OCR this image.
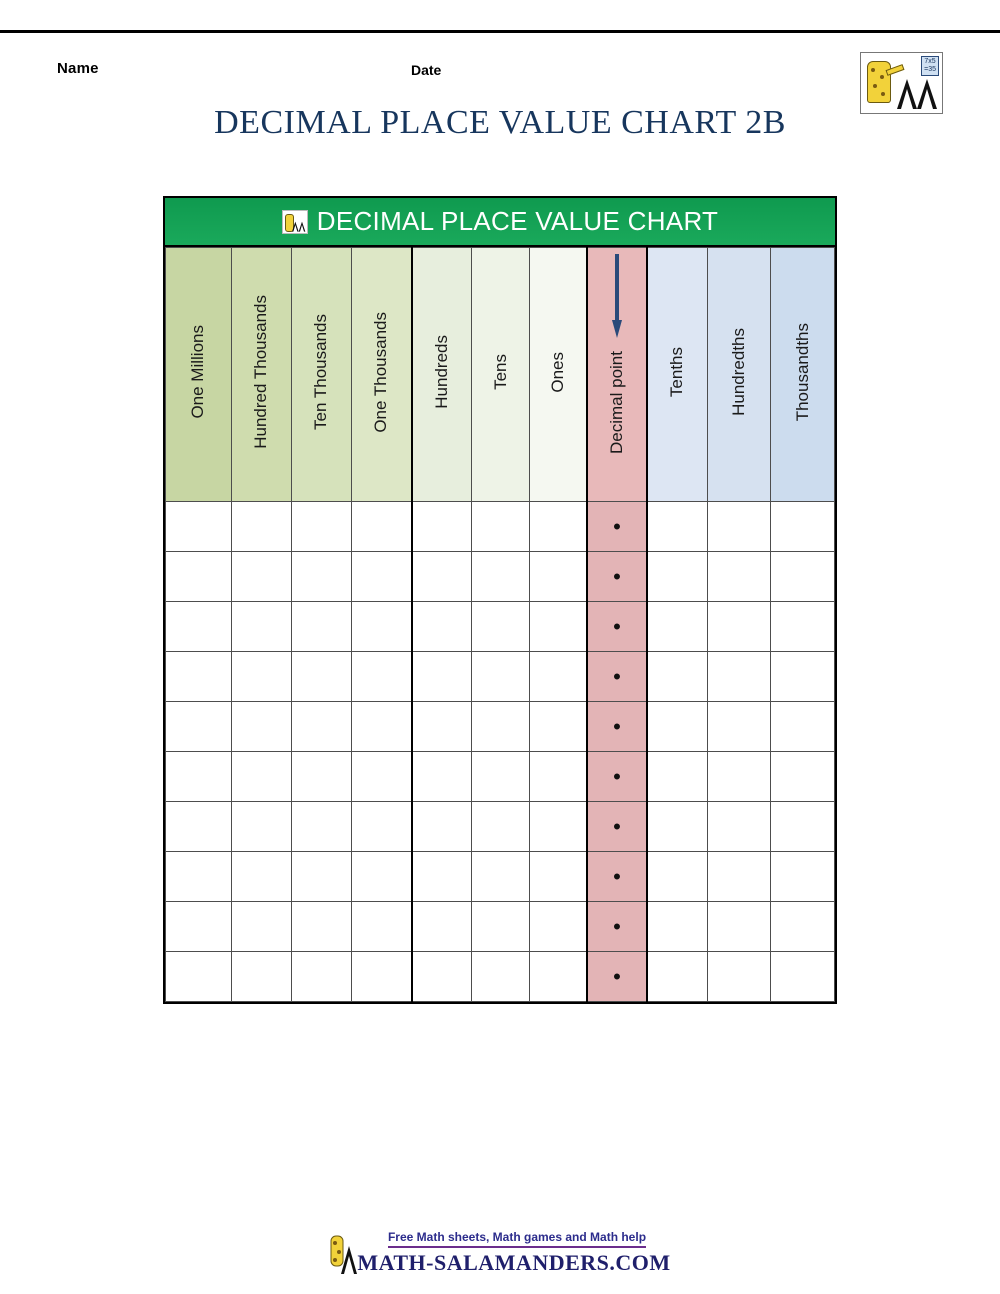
Name	Date
7x5
=35
DECIMAL PLACE VALUE CHART 2B
DECIMAL PLACE VALUE CHART
One Millions	Hundred Thousands	Ten Thousands	One Thousands	Hundreds	Tens	Ones	Decimal point	Tenths	Hundredths	Thousandths
							•			
							•			
							•			
							•			
							•			
							•			
							•			
							•			
							•			
							•			
Free Math sheets, Math games and Math help
MATH-SALAMANDERS.COM
